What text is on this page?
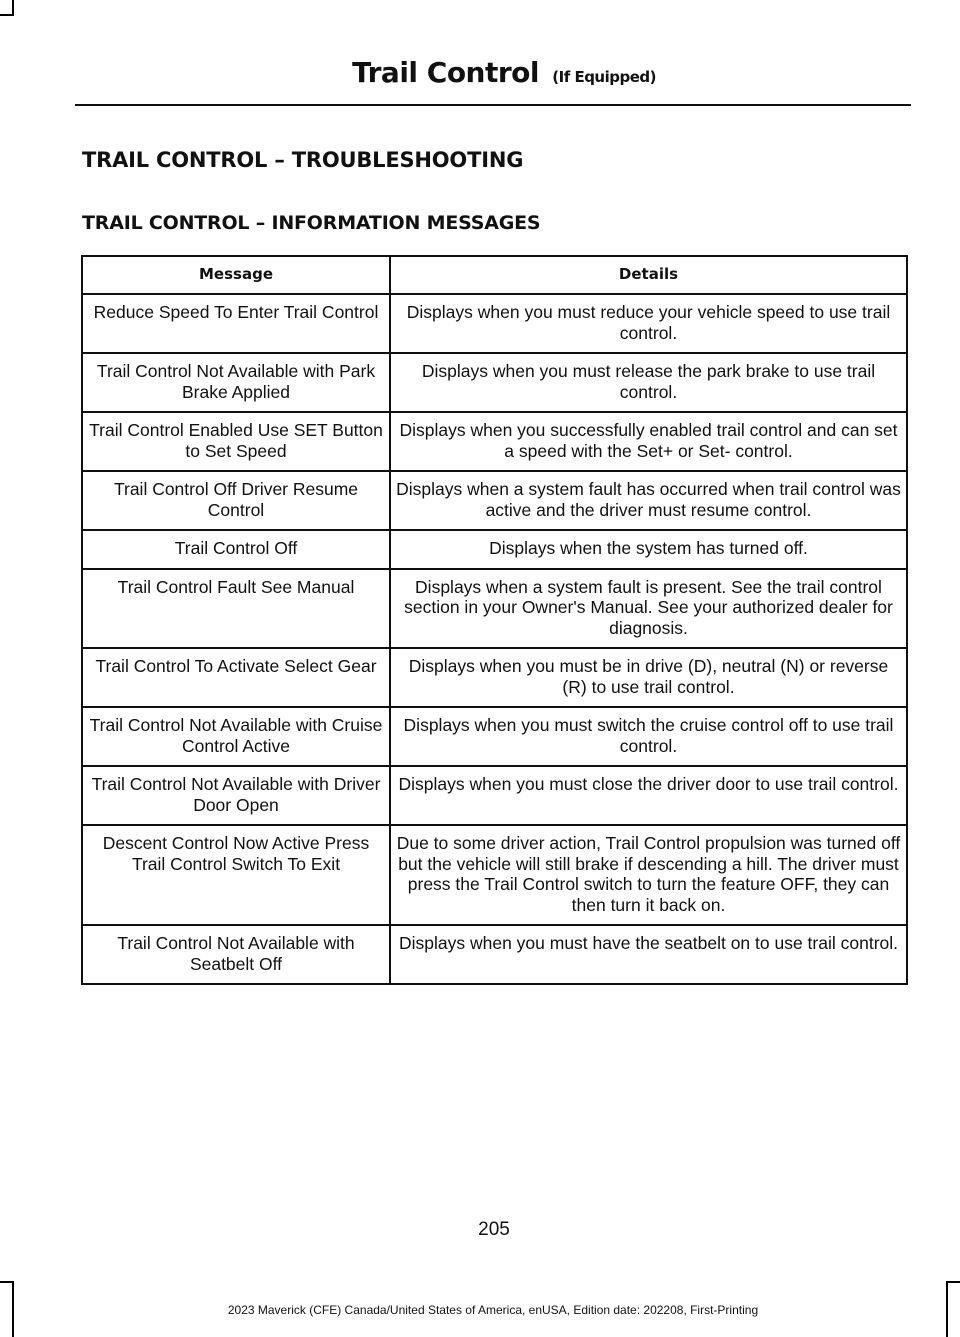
Trail Control (If Equipped)
TRAIL CONTROL – TROUBLESHOOTING
TRAIL CONTROL – INFORMATION MESSAGES
Message	Details
Reduce Speed To Enter Trail Control	Displays when you must reduce your vehicle speed to use trail control.
Trail Control Not Available with Park Brake Applied	Displays when you must release the park brake to use trail control.
Trail Control Enabled Use SET Button to Set Speed	Displays when you successfully enabled trail control and can set a speed with the Set+ or Set- control.
Trail Control Off Driver Resume Control	Displays when a system fault has occurred when trail control was active and the driver must resume control.
Trail Control Off	Displays when the system has turned off.
Trail Control Fault See Manual	Displays when a system fault is present. See the trail control section in your Owner's Manual. See your authorized dealer for diagnosis.
Trail Control To Activate Select Gear	Displays when you must be in drive (D), neutral (N) or reverse (R) to use trail control.
Trail Control Not Available with Cruise Control Active	Displays when you must switch the cruise control off to use trail control.
Trail Control Not Available with Driver Door Open	Displays when you must close the driver door to use trail control.
Descent Control Now Active Press Trail Control Switch To Exit	Due to some driver action, Trail Control propulsion was turned off but the vehicle will still brake if descending a hill. The driver must press the Trail Control switch to turn the feature OFF, they can then turn it back on.
Trail Control Not Available with Seatbelt Off	Displays when you must have the seatbelt on to use trail control.
205
2023 Maverick (CFE) Canada/United States of America, enUSA, Edition date: 202208, First-Printing
